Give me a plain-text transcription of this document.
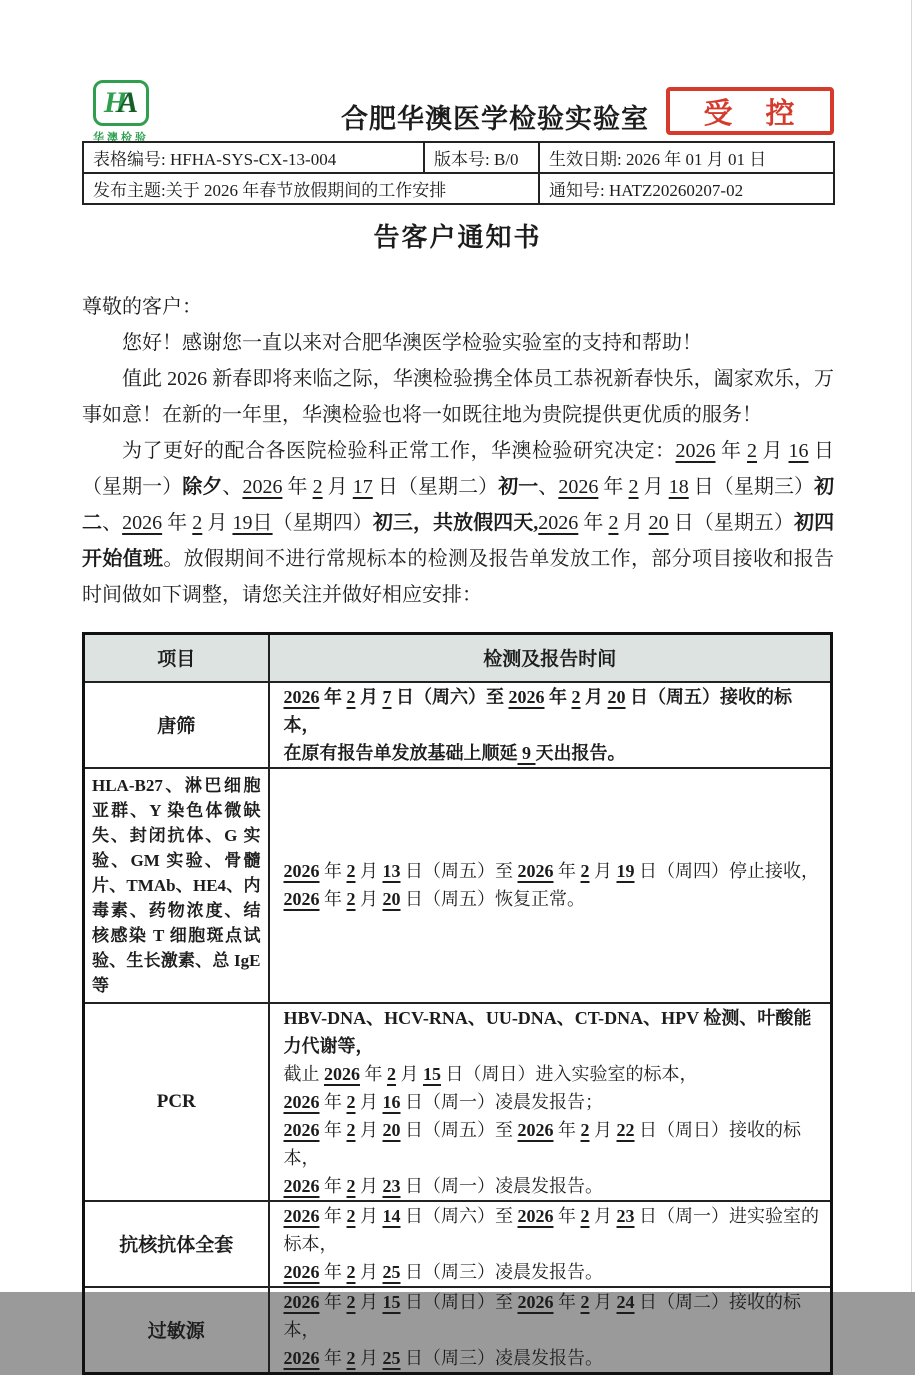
HA
华澳检验
合肥华澳医学检验实验室	受　控
表格编号: HFHA-SYS-CX-13-004	版本号: B/0	生效日期: 2026 年 01 月 01 日
发布主题:关于 2026 年春节放假期间的工作安排		通知号: HATZ20260207-02
告客户通知书

尊敬的客户：

您好！感谢您一直以来对合肥华澳医学检验实验室的支持和帮助！

值此 2026 新春即将来临之际，华澳检验携全体员工恭祝新春快乐，阖家欢乐，万事如意！在新的一年里，华澳检验也将一如既往地为贵院提供更优质的服务！

为了更好的配合各医院检验科正常工作，华澳检验研究决定：2026 年 2 月 16 日（星期一）除夕、2026 年 2 月 17 日（星期二）初一、2026 年 2 月 18 日（星期三）初二、2026 年 2 月 19日（星期四）初三，共放假四天,2026 年 2 月 20 日（星期五）初四开始值班。放假期间不进行常规标本的检测及报告单发放工作，部分项目接收和报告时间做如下调整，请您关注并做好相应安排：

项目	检测及报告时间
唐筛	2026 年 2 月 7 日（周六）至 2026 年 2 月 20 日（周五）接收的标本，
在原有报告单发放基础上顺延 9 天出报告。

HLA-B27、淋巴细胞亚群、Y 染色体微缺失、封闭抗体、G 实验、GM 实验、骨髓片、TMAb、HE4、内毒素、药物浓度、结核感染 T 细胞斑点试验、生长激素、总 IgE 等	2026 年 2 月 13 日（周五）至 2026 年 2 月 19 日（周四）停止接收，
2026 年 2 月 20 日（周五）恢复正常。

PCR	HBV-DNA、HCV-RNA、UU-DNA、CT-DNA、HPV 检测、叶酸能力代谢等，
截止 2026 年 2 月 15 日（周日）进入实验室的标本，
2026 年 2 月 16 日（周一）凌晨发报告；
2026 年 2 月 20 日（周五）至 2026 年 2 月 22 日（周日）接收的标本，
2026 年 2 月 23 日（周一）凌晨发报告。

抗核抗体全套	2026 年 2 月 14 日（周六）至 2026 年 2 月 23 日（周一）进实验室的标本，
2026 年 2 月 25 日（周三）凌晨发报告。

过敏源	2026 年 2 月 15 日（周日）至 2026 年 2 月 24 日（周二）接收的标本，
2026 年 2 月 25 日（周三）凌晨发报告。
